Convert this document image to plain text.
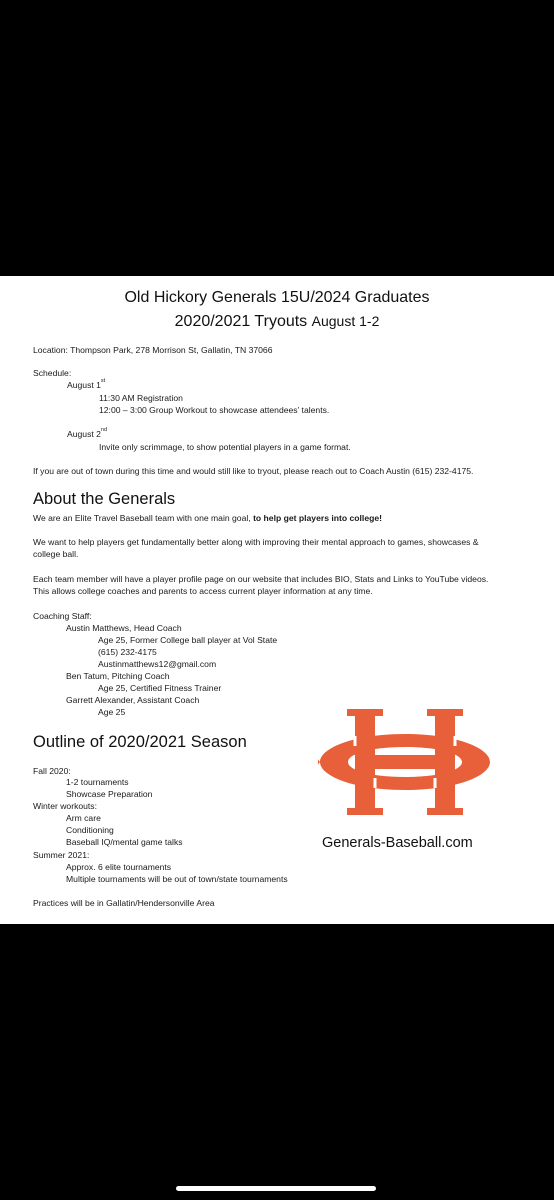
Old Hickory Generals 15U/2024 Graduates
2020/2021 Tryouts August 1-2
Location: Thompson Park, 278 Morrison St, Gallatin, TN 37066
Schedule:
August 1st
11:30 AM Registration
12:00 – 3:00 Group Workout to showcase attendees’ talents.
August 2nd
Invite only scrimmage, to show potential players in a game format.
If you are out of town during this time and would still like to tryout, please reach out to Coach Austin (615) 232-4175.
About the Generals
We are an Elite Travel Baseball team with one main goal, to help get players into college!
We want to help players get fundamentally better along with improving their mental approach to games, showcases &
college ball.
Each team member will have a player profile page on our website that includes BIO, Stats and Links to YouTube videos.
This allows college coaches and parents to access current player information at any time.
Coaching Staff:
Austin Matthews, Head Coach
Age 25, Former College ball player at Vol State
(615) 232-4175
Austinmatthews12@gmail.com
Ben Tatum, Pitching Coach
Age 25, Certified Fitness Trainer
Garrett Alexander, Assistant Coach
Age 25
Outline of 2020/2021 Season
Fall 2020:
1-2 tournaments
Showcase Preparation
Winter workouts:
Arm care
Conditioning
Baseball IQ/mental game talks
Summer 2021:
Approx. 6 elite tournaments
Multiple tournaments will be out of town/state tournaments
Practices will be in Gallatin/Hendersonville Area
Generals-Baseball.com
